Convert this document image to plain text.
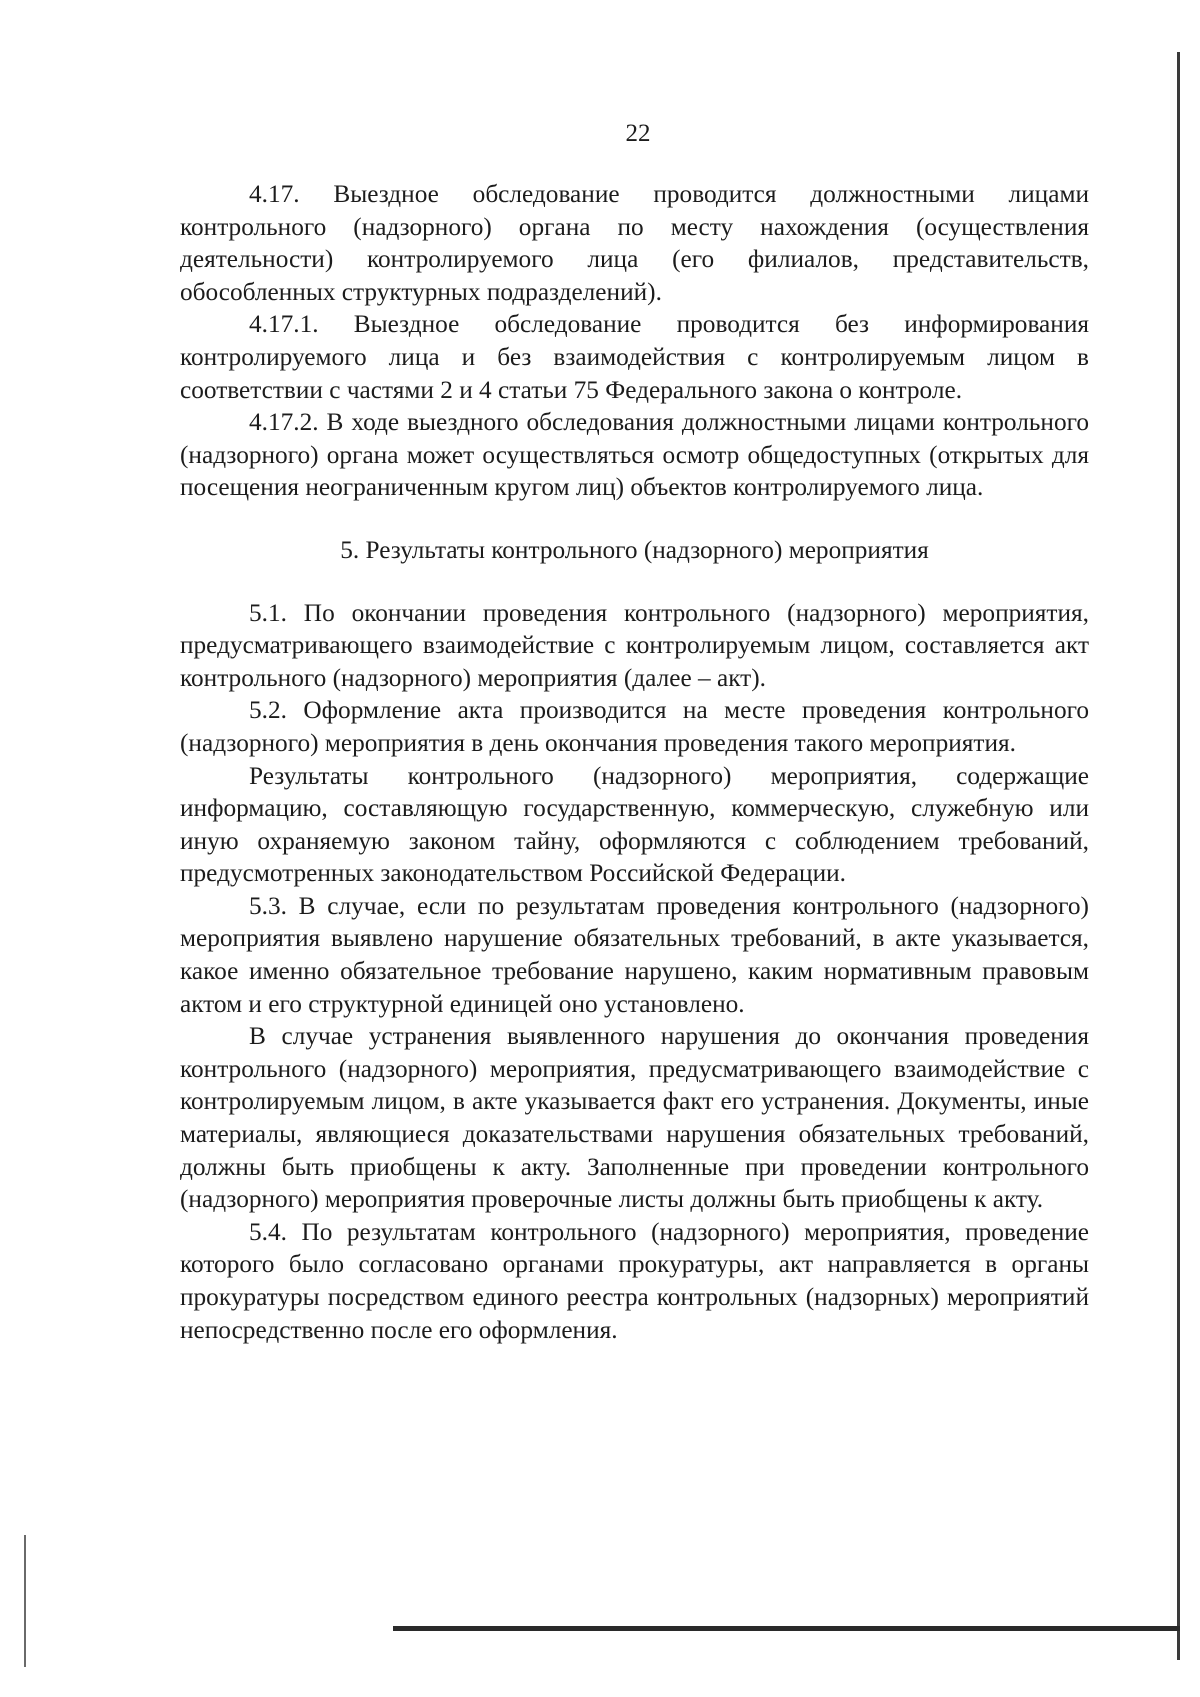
22

4.17. Выездное обследование проводится должностными лицами контрольного (надзорного) органа по месту нахождения (осуществления деятельности) контролируемого лица (его филиалов, представительств, обособленных структурных подразделений).

4.17.1. Выездное обследование проводится без информирования контролируемого лица и без взаимодействия с контролируемым лицом в соответствии с частями 2 и 4 статьи 75 Федерального закона о контроле.

4.17.2. В ходе выездного обследования должностными лицами контрольного (надзорного) органа может осуществляться осмотр общедоступных (открытых для посещения неограниченным кругом лиц) объектов контролируемого лица.

5. Результаты контрольного (надзорного) мероприятия

5.1. По окончании проведения контрольного (надзорного) мероприятия, предусматривающего взаимодействие с контролируемым лицом, составляется акт контрольного (надзорного) мероприятия (далее – акт).

5.2. Оформление акта производится на месте проведения контрольного (надзорного) мероприятия в день окончания проведения такого мероприятия.

Результаты контрольного (надзорного) мероприятия, содержащие информацию, составляющую государственную, коммерческую, служебную или иную охраняемую законом тайну, оформляются с соблюдением требований, предусмотренных законодательством Российской Федерации.

5.3. В случае, если по результатам проведения контрольного (надзорного) мероприятия выявлено нарушение обязательных требований, в акте указывается, какое именно обязательное требование нарушено, каким нормативным правовым актом и его структурной единицей оно установлено.

В случае устранения выявленного нарушения до окончания проведения контрольного (надзорного) мероприятия, предусматривающего взаимодействие с контролируемым лицом, в акте указывается факт его устранения. Документы, иные материалы, являющиеся доказательствами нарушения обязательных требований, должны быть приобщены к акту. Заполненные при проведении контрольного (надзорного) мероприятия проверочные листы должны быть приобщены к акту.

5.4. По результатам контрольного (надзорного) мероприятия, проведение которого было согласовано органами прокуратуры, акт направляется в органы прокуратуры посредством единого реестра контрольных (надзорных) мероприятий непосредственно после его оформления.
